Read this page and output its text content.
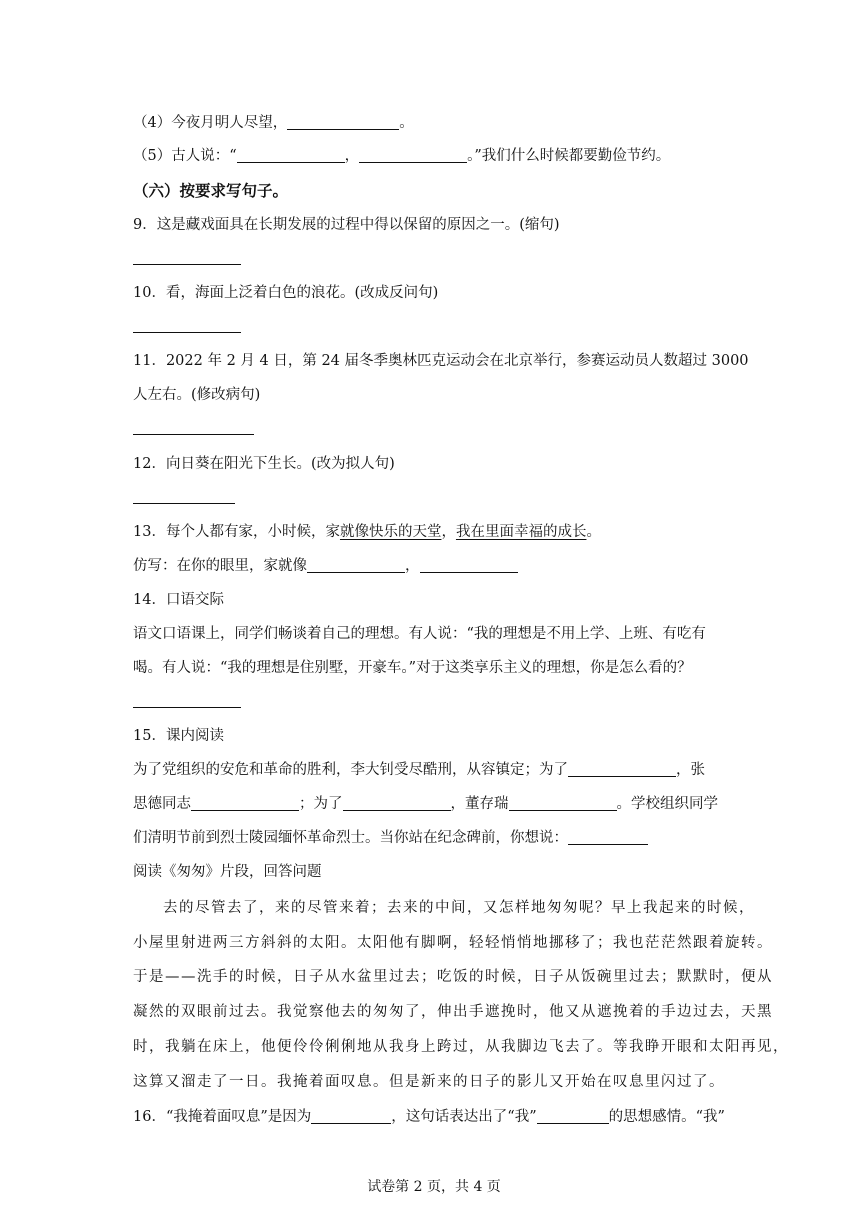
（4）今夜月明人尽望，	。
（5）古人说：“	，	。”我们什么时候都要勤俭节约。
（六）按要求写句子。
9．这是藏戏面具在长期发展的过程中得以保留的原因之一。(缩句)
10．看，海面上泛着白色的浪花。(改成反问句)
11．2022 年 2 月 4 日，第 24 届冬季奥林匹克运动会在北京举行，参赛运动员人数超过 3000
人左右。(修改病句)
12．向日葵在阳光下生长。(改为拟人句)
13．每个人都有家，小时候，家就像快乐的天堂，我在里面幸福的成长。
仿写：在你的眼里，家就像	，
14．口语交际
语文口语课上，同学们畅谈着自己的理想。有人说：“我的理想是不用上学、上班、有吃有
喝。有人说：“我的理想是住别墅，开豪车。”对于这类享乐主义的理想，你是怎么看的？
15．课内阅读
为了党组织的安危和革命的胜利，李大钊受尽酷刑，从容镇定；为了	，张
思德同志	；为了	，董存瑞	。学校组织同学
们清明节前到烈士陵园缅怀革命烈士。当你站在纪念碑前，你想说：
阅读《匆匆》片段，回答问题
去的尽管去了，来的尽管来着；去来的中间，又怎样地匆匆呢？早上我起来的时候，
小屋里射进两三方斜斜的太阳。太阳他有脚啊，轻轻悄悄地挪移了；我也茫茫然跟着旋转。
于是——洗手的时候，日子从水盆里过去；吃饭的时候，日子从饭碗里过去；默默时，便从
凝然的双眼前过去。我觉察他去的匆匆了，伸出手遮挽时，他又从遮挽着的手边过去，天黑
时，我躺在床上，他便伶伶俐俐地从我身上跨过，从我脚边飞去了。等我睁开眼和太阳再见，
这算又溜走了一日。我掩着面叹息。但是新来的日子的影儿又开始在叹息里闪过了。
16．“我掩着面叹息”是因为	，这句话表达出了“我”	的思想感情。“我”
试卷第 2 页，共 4 页
